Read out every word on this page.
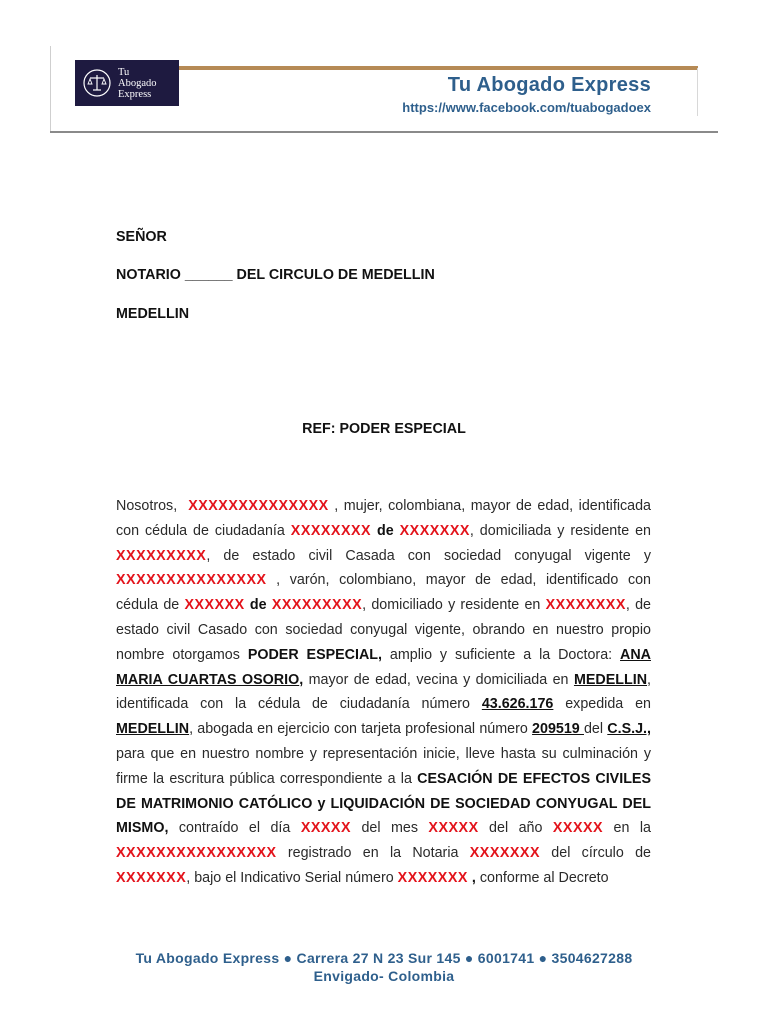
Tu
Abogado
Express	Tu Abogado Express
https://www.facebook.com/tuabogadoex
SEÑOR
NOTARIO ______ DEL CIRCULO DE MEDELLIN
MEDELLIN
REF: PODER ESPECIAL
Nosotros, XXXXXXXXXXXXXX , mujer, colombiana, mayor de edad, identificada con cédula de ciudadanía XXXXXXXX de XXXXXXX, domiciliada y residente en XXXXXXXXX, de estado civil Casada con sociedad conyugal vigente y XXXXXXXXXXXXXXX , varón, colombiano, mayor de edad, identificado con cédula de XXXXXX de XXXXXXXXX, domiciliado y residente en XXXXXXXX, de estado civil Casado con sociedad conyugal vigente, obrando en nuestro propio nombre otorgamos PODER ESPECIAL, amplio y suficiente a la Doctora: ANA MARIA CUARTAS OSORIO, mayor de edad, vecina y domiciliada en MEDELLIN, identificada con la cédula de ciudadanía número 43.626.176 expedida en MEDELLIN, abogada en ejercicio con tarjeta profesional número 209519 del C.S.J., para que en nuestro nombre y representación inicie, lleve hasta su culminación y firme la escritura pública correspondiente a la CESACIÓN DE EFECTOS CIVILES DE MATRIMONIO CATÓLICO y LIQUIDACIÓN DE SOCIEDAD CONYUGAL DEL MISMO, contraído el día XXXXX del mes XXXXX del año XXXXX en la XXXXXXXXXXXXXXXX registrado en la Notaria XXXXXXX del círculo de XXXXXXX, bajo el Indicativo Serial número XXXXXXX , conforme al Decreto
Tu Abogado Express ● Carrera 27 N 23 Sur 145 ● 6001741 ● 3504627288
Envigado- Colombia
